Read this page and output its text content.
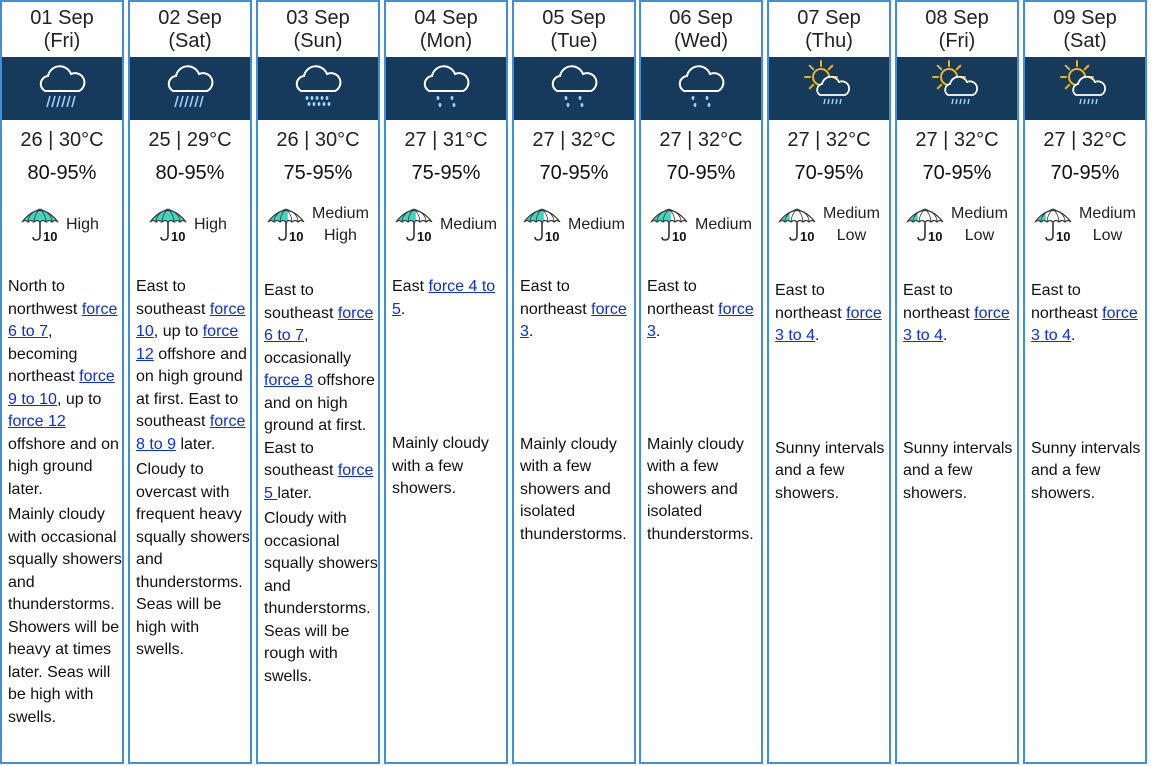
01 Sep
(Fri)
26 | 30°C
80-95%
10
High

North to northwest force 6 to 7, becoming northeast force 9 to 10, up to force 12 offshore and on high ground later.

Mainly cloudy with occasional squally showers and thunderstorms. Showers will be heavy at times later. Seas will be high with swells.

02 Sep
(Sat)
25 | 29°C
80-95%
10
High

East to southeast force 10, up to force 12 offshore and on high ground at first. East to southeast force 8 to 9 later.

Cloudy to overcast with frequent heavy squally showers and thunderstorms. Seas will be high with swells.

03 Sep
(Sun)
26 | 30°C
75-95%
10
Medium
High

East to southeast force 6 to 7, occasionally force 8 offshore and on high ground at first. East to southeast force 5 later.

Cloudy with occasional squally showers and thunderstorms. Seas will be rough with swells.

04 Sep
(Mon)
27 | 31°C
75-95%
10
Medium

East force 4 to 5.

Mainly cloudy with a few showers.

05 Sep
(Tue)
27 | 32°C
70-95%
10
Medium

East to northeast force 3.

Mainly cloudy with a few showers and isolated thunderstorms.

06 Sep
(Wed)
27 | 32°C
70-95%
10
Medium

East to northeast force 3.

Mainly cloudy with a few showers and isolated thunderstorms.

07 Sep
(Thu)
27 | 32°C
70-95%
10
Medium
Low

East to northeast force 3 to 4.

Sunny intervals and a few showers.

08 Sep
(Fri)
27 | 32°C
70-95%
10
Medium
Low

East to northeast force 3 to 4.

Sunny intervals and a few showers.

09 Sep
(Sat)
27 | 32°C
70-95%
10
Medium
Low

East to northeast force 3 to 4.

Sunny intervals and a few showers.
